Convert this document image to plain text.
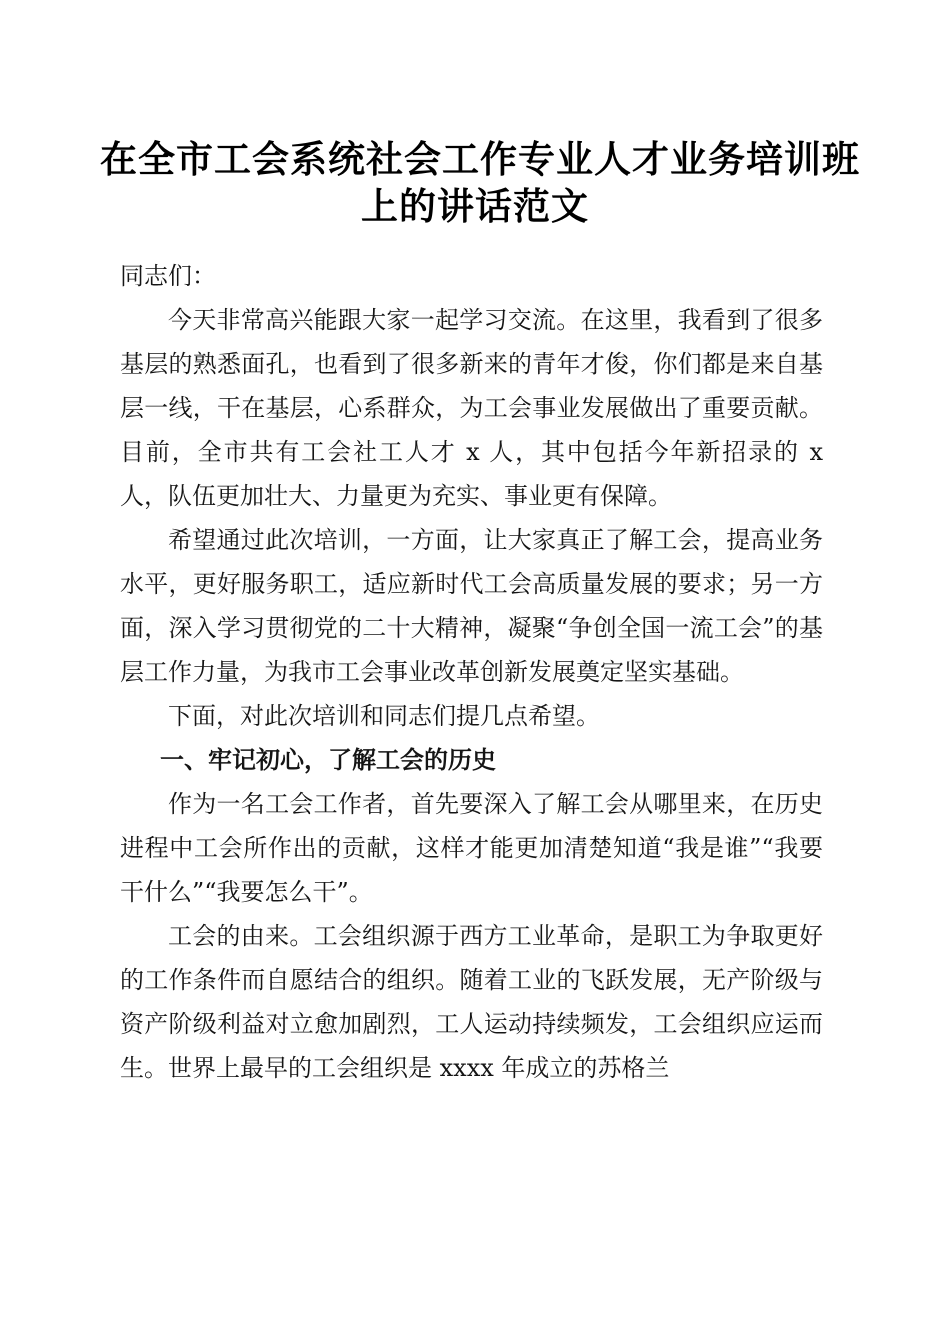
在全市工会系统社会工作专业人才业务培训班
上的讲话范文

同志们：

今天非常高兴能跟大家一起学习交流。在这里，我看到了很多基层的熟悉面孔，也看到了很多新来的青年才俊，你们都是来自基层一线，干在基层，心系群众，为工会事业发展做出了重要贡献。目前，全市共有工会社工人才 x 人，其中包括今年新招录的 x 人，队伍更加壮大、力量更为充实、事业更有保障。

希望通过此次培训，一方面，让大家真正了解工会，提高业务水平，更好服务职工，适应新时代工会高质量发展的要求；另一方面，深入学习贯彻党的二十大精神，凝聚“争创全国一流工会”的基层工作力量，为我市工会事业改革创新发展奠定坚实基础。

下面，对此次培训和同志们提几点希望。

一、牢记初心，了解工会的历史

作为一名工会工作者，首先要深入了解工会从哪里来，在历史进程中工会所作出的贡献，这样才能更加清楚知道“我是谁”“我要干什么”“我要怎么干”。

工会的由来。工会组织源于西方工业革命，是职工为争取更好的工作条件而自愿结合的组织。随着工业的飞跃发展，无产阶级与资产阶级利益对立愈加剧烈，工人运动持续频发，工会组织应运而生。世界上最早的工会组织是 xxxx 年成立的苏格兰
